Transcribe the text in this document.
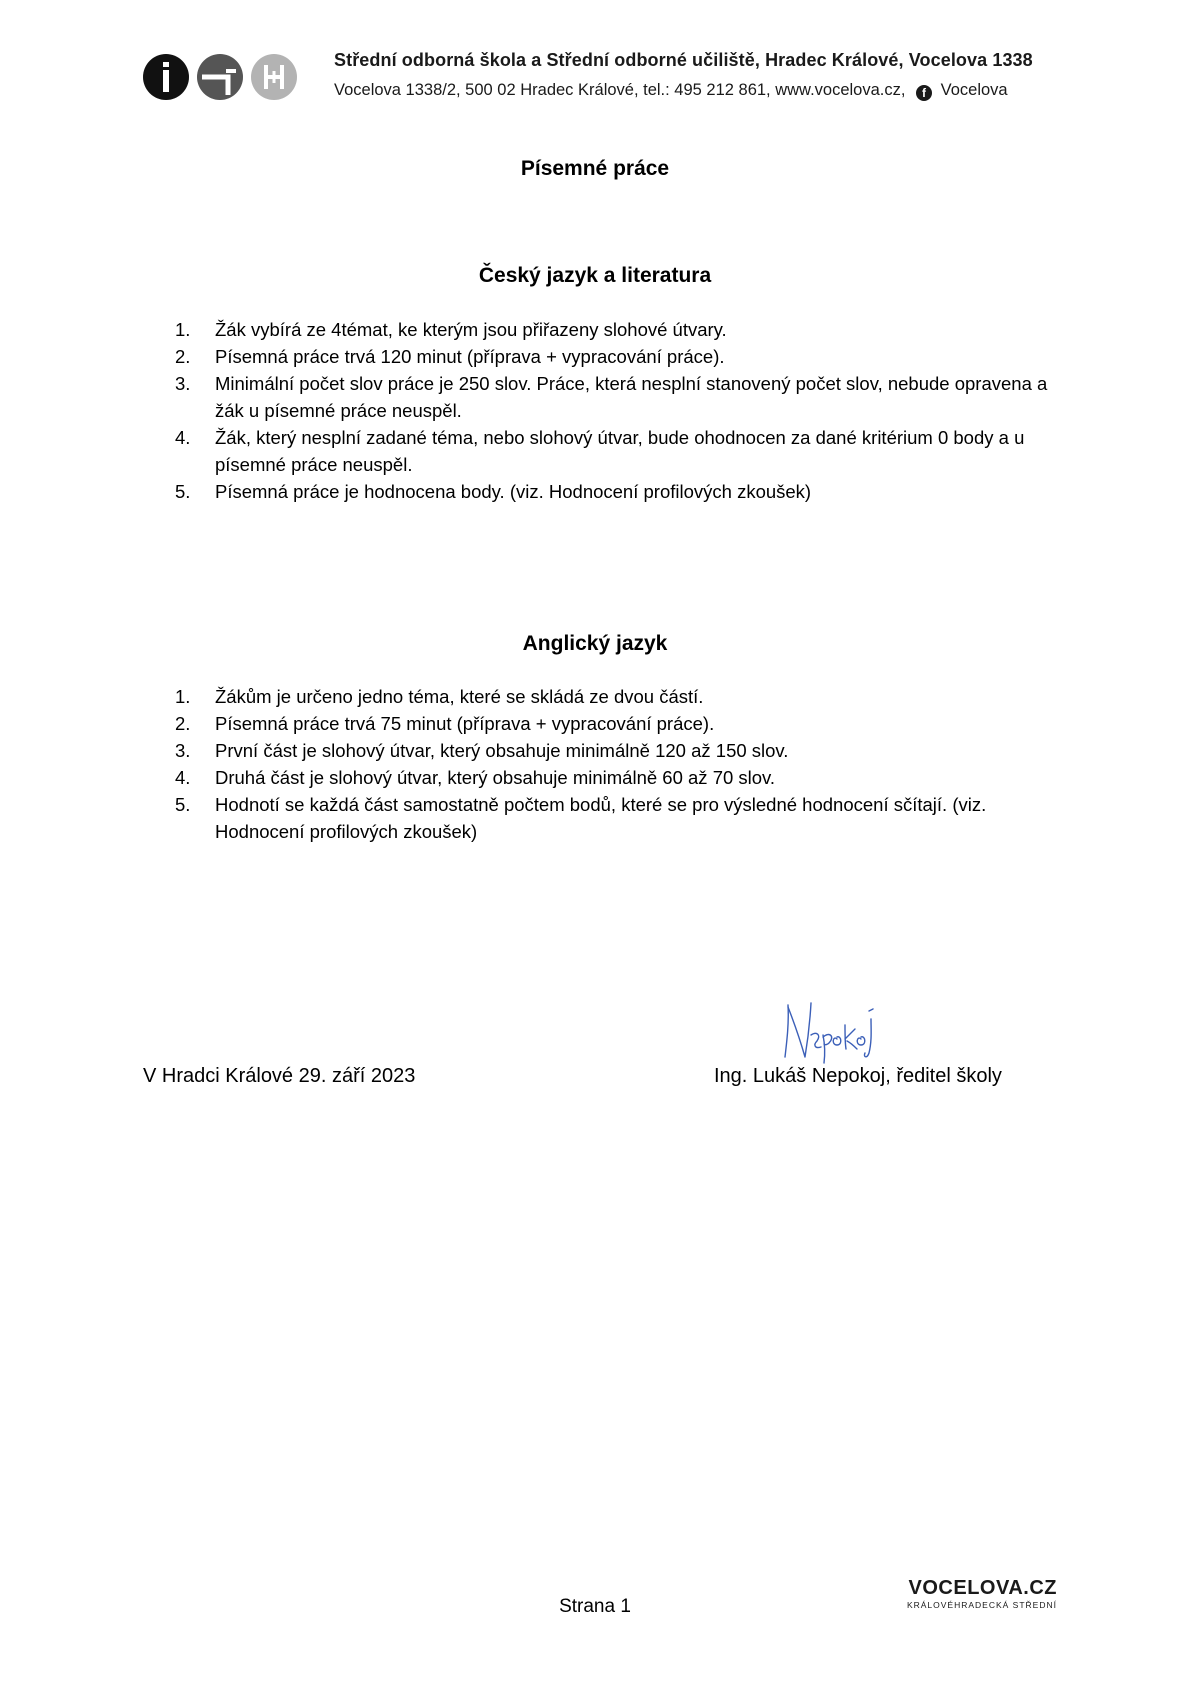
Střední odborná škola a Střední odborné učiliště, Hradec Králové, Vocelova 1338
Vocelova 1338/2, 500 02 Hradec Králové, tel.: 495 212 861, www.vocelova.cz, f Vocelova
Písemné práce
Český jazyk a literatura
1. Žák vybírá ze 4témat, ke kterým jsou přiřazeny slohové útvary.
2. Písemná práce trvá 120 minut (příprava + vypracování práce).
3. Minimální počet slov práce je 250 slov. Práce, která nesplní stanovený počet slov, nebude opravena a žák u písemné práce neuspěl.
4. Žák, který nesplní zadané téma, nebo slohový útvar, bude ohodnocen za dané kritérium 0 body a u písemné práce neuspěl.
5. Písemná práce je hodnocena body. (viz. Hodnocení profilových zkoušek)
Anglický jazyk
1. Žákům je určeno jedno téma, které se skládá ze dvou částí.
2. Písemná práce trvá 75 minut (příprava + vypracování práce).
3. První část je slohový útvar, který obsahuje minimálně 120 až 150 slov.
4. Druhá část je slohový útvar, který obsahuje minimálně 60 až 70 slov.
5. Hodnotí se každá část samostatně počtem bodů, které se pro výsledné hodnocení sčítají. (viz. Hodnocení profilových zkoušek)
V Hradci Králové 29. září 2023	Ing. Lukáš Nepokoj, ředitel školy
Strana 1
VOCELOVA.CZ
KRÁLOVÉHRADECKÁ STŘEDNÍ
